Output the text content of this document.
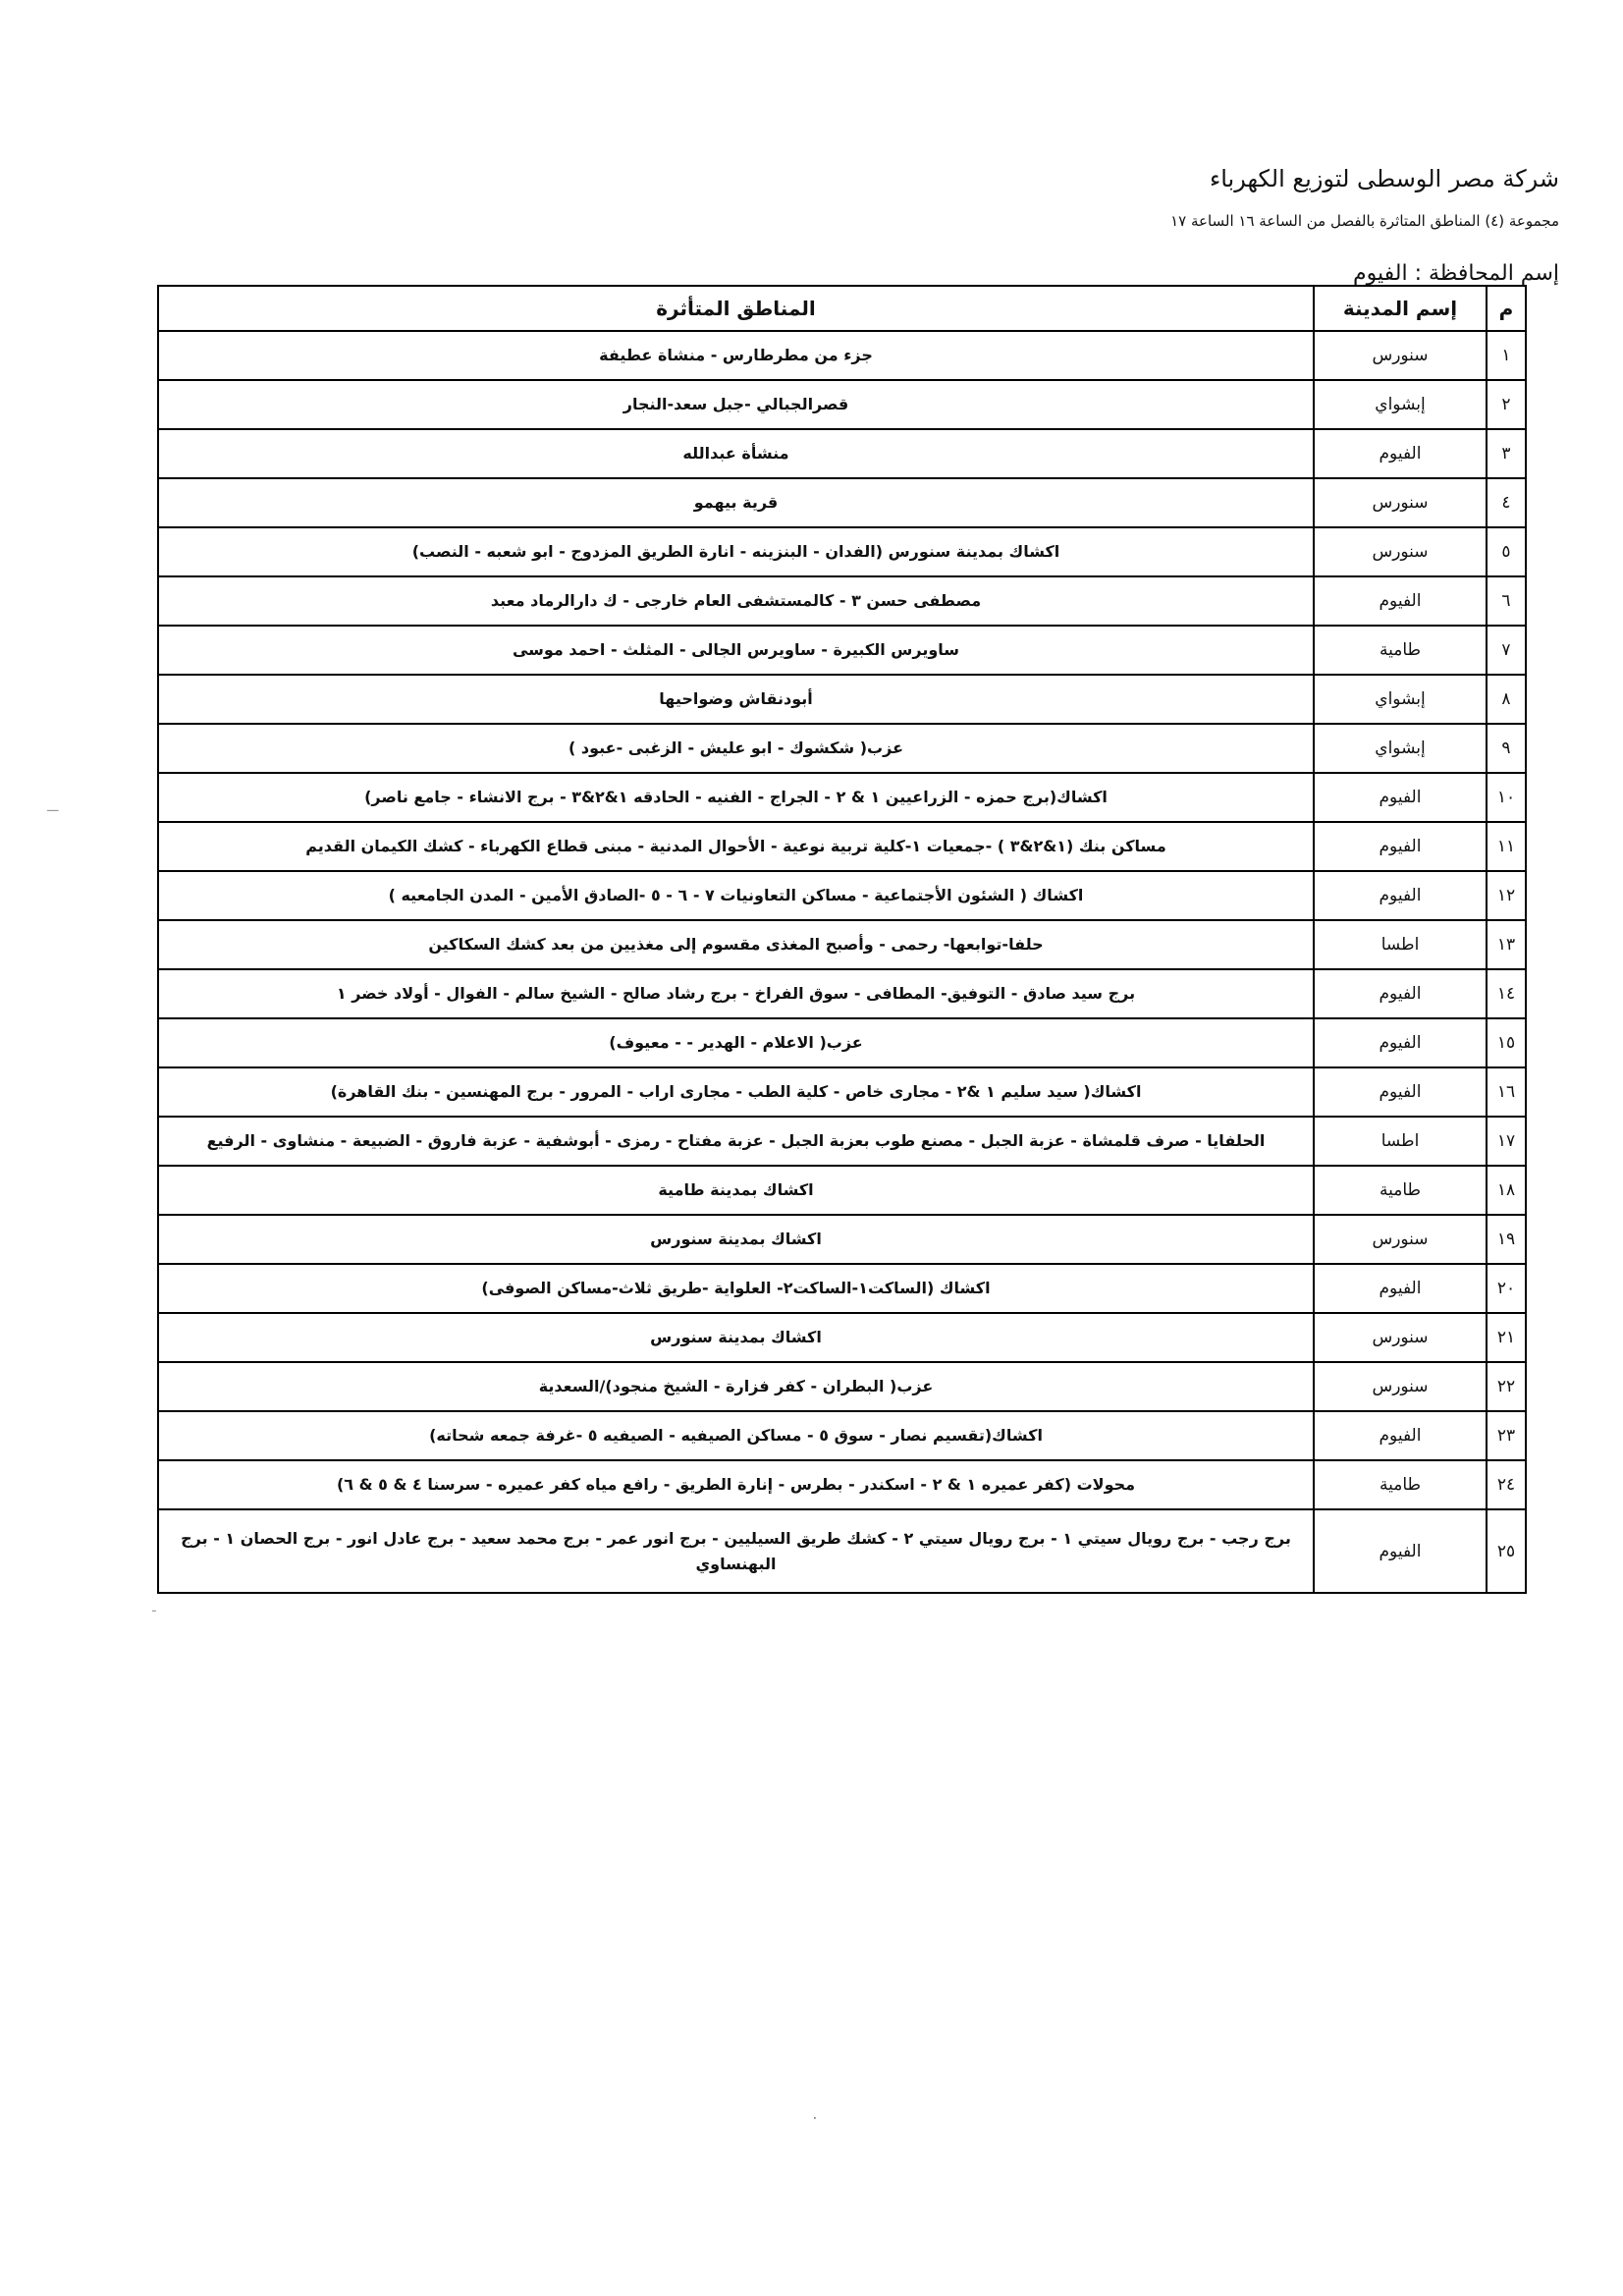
شركة مصر الوسطى لتوزيع الكهرباء
مجموعة (٤) المناطق المتاثرة بالفصل من الساعة ١٦ الساعة ١٧
إسم المحافظة : الفيوم
م	إسم المدينة	المناطق المتأثرة
١	سنورس	جزء من مطرطارس - منشاة عطيفة
٢	إبشواي	قصرالجبالي -جبل سعد-النجار
٣	الفيوم	منشأة عبدالله
٤	سنورس	قرية بيهمو
٥	سنورس	اكشاك بمدينة سنورس (الفدان - البنزينه - انارة الطريق المزدوج - ابو شعبه - النصب)
٦	الفيوم	مصطفى حسن ٣ - كالمستشفى العام خارجى - ك دارالرماد معبد
٧	طامية	ساويرس الكبيرة - ساويرس الجالى - المثلث - احمد موسى
٨	إبشواي	أبودنقاش وضواحيها
٩	إبشواي	عزب( شكشوك - ابو عليش - الزغبى -عبود )
١٠	الفيوم	اكشاك(برج حمزه - الزراعيين ١ & ٢ - الجراج - الفنيه - الحادقه ١&٢&٣ - برج الانشاء - جامع ناصر)
١١	الفيوم	مساكن بنك (١&٢&٣ ) -جمعيات ١-كلية تربية نوعية - الأحوال المدنية - مبنى قطاع الكهرباء - كشك الكيمان القديم
١٢	الفيوم	اكشاك ( الشئون الأجتماعية - مساكن التعاونيات ٧ - ٦ - ٥ -الصادق الأمين - المدن الجامعيه )
١٣	اطسا	حلفا-توابعها- رحمى - وأصبح المغذى مقسوم إلى مغذيين من بعد كشك السكاكين
١٤	الفيوم	برج سيد صادق - التوفيق- المطافى - سوق الفراخ - برج رشاد صالح - الشيخ سالم - الفوال - أولاد خضر ١
١٥	الفيوم	عزب( الاعلام - الهدير - - معيوف)
١٦	الفيوم	اكشاك( سيد سليم ١ &٢ - مجارى خاص - كلية الطب - مجارى اراب - المرور - برج المهنسين - بنك القاهرة)
١٧	اطسا	الحلفايا - صرف قلمشاة - عزبة الجبل - مصنع طوب بعزبة الجبل - عزبة مفتاح - رمزى - أبوشفية - عزبة فاروق - الضبيعة - منشاوى - الرفيع
١٨	طامية	اكشاك بمدينة طامية
١٩	سنورس	اكشاك بمدينة سنورس
٢٠	الفيوم	اكشاك (الساكت١-الساكت٢- العلواية -طريق ثلاث-مساكن الصوفى)
٢١	سنورس	اكشاك بمدينة سنورس
٢٢	سنورس	عزب( البطران - كفر فزارة - الشيخ منجود)/السعدية
٢٣	الفيوم	اكشاك(تقسيم نصار - سوق ٥ - مساكن الصيفيه - الصيفيه ٥ -غرفة جمعه شحاته)
٢٤	طامية	محولات (كفر عميره ١ & ٢ - اسكندر - بطرس - إنارة الطريق - رافع مياه كفر عميره - سرسنا ٤ & ٥ & ٦)
٢٥	الفيوم	برج رجب - برج رويال سيتي ١ - برج رويال سيتي ٢ - كشك طريق السيليين - برج انور عمر - برج محمد سعيد - برج عادل انور - برج الحصان ١ - برج البهنساوي
ـــ
ـ
·
